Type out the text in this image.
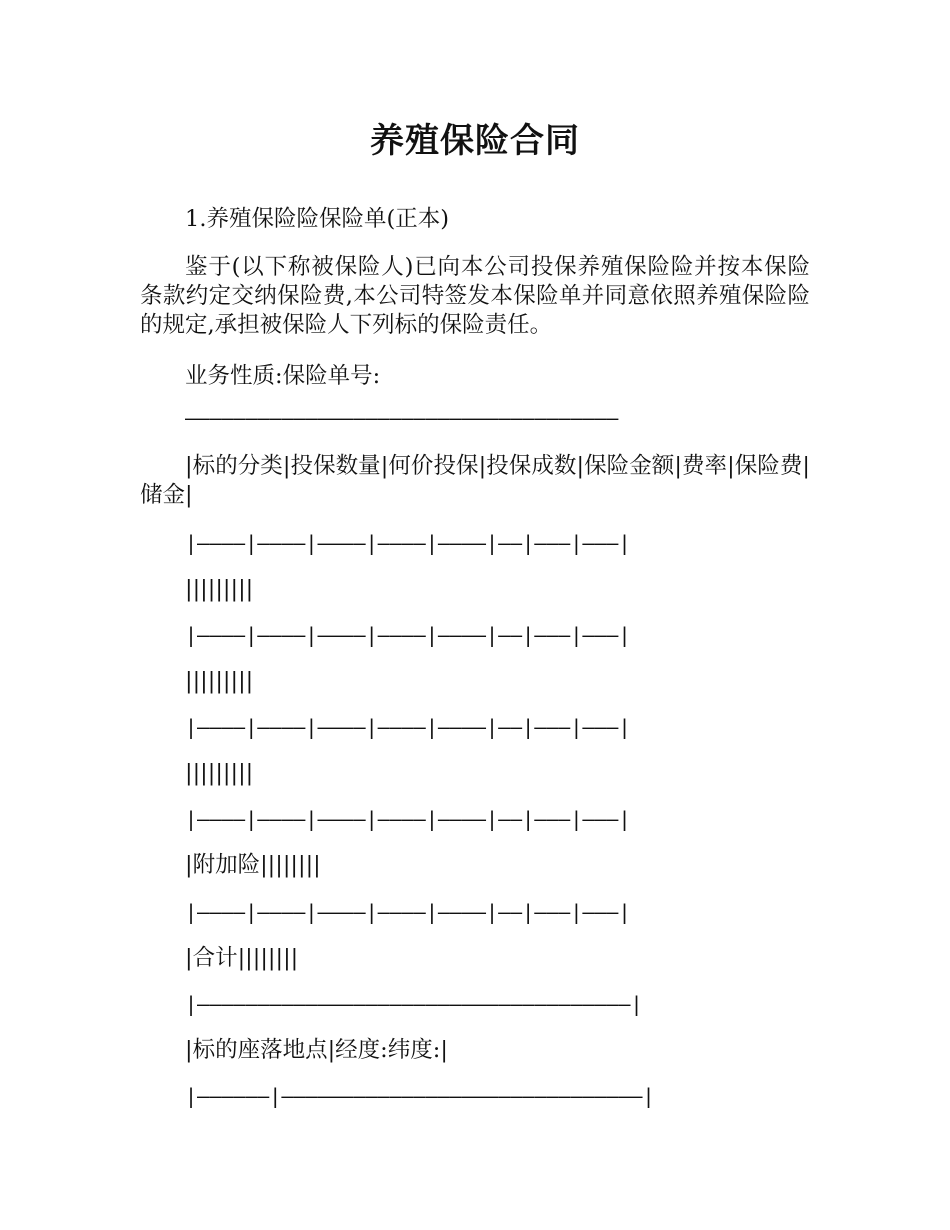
养殖保险合同
1.养殖保险险保险单(正本)
鉴于(以下称被保险人)已向本公司投保养殖保险险并按本保险条款约定交纳保险费,本公司特签发本保险单并同意依照养殖保险险的规定,承担被保险人下列标的保险责任。
业务性质:保险单号:
————————————————————————————————————
|标的分类|投保数量|何价投保|投保成数|保险金额|费率|保险费|储金|
|————|————|————|————|————|——|———|———|
|||||||||
|————|————|————|————|————|——|———|———|
|||||||||
|————|————|————|————|————|——|———|———|
|||||||||
|————|————|————|————|————|——|———|———|
|附加险||||||||
|————|————|————|————|————|——|———|———|
|合计||||||||
|————————————————————————————————————|
|标的座落地点|经度:纬度:|
|——————|——————————————————————————————|
